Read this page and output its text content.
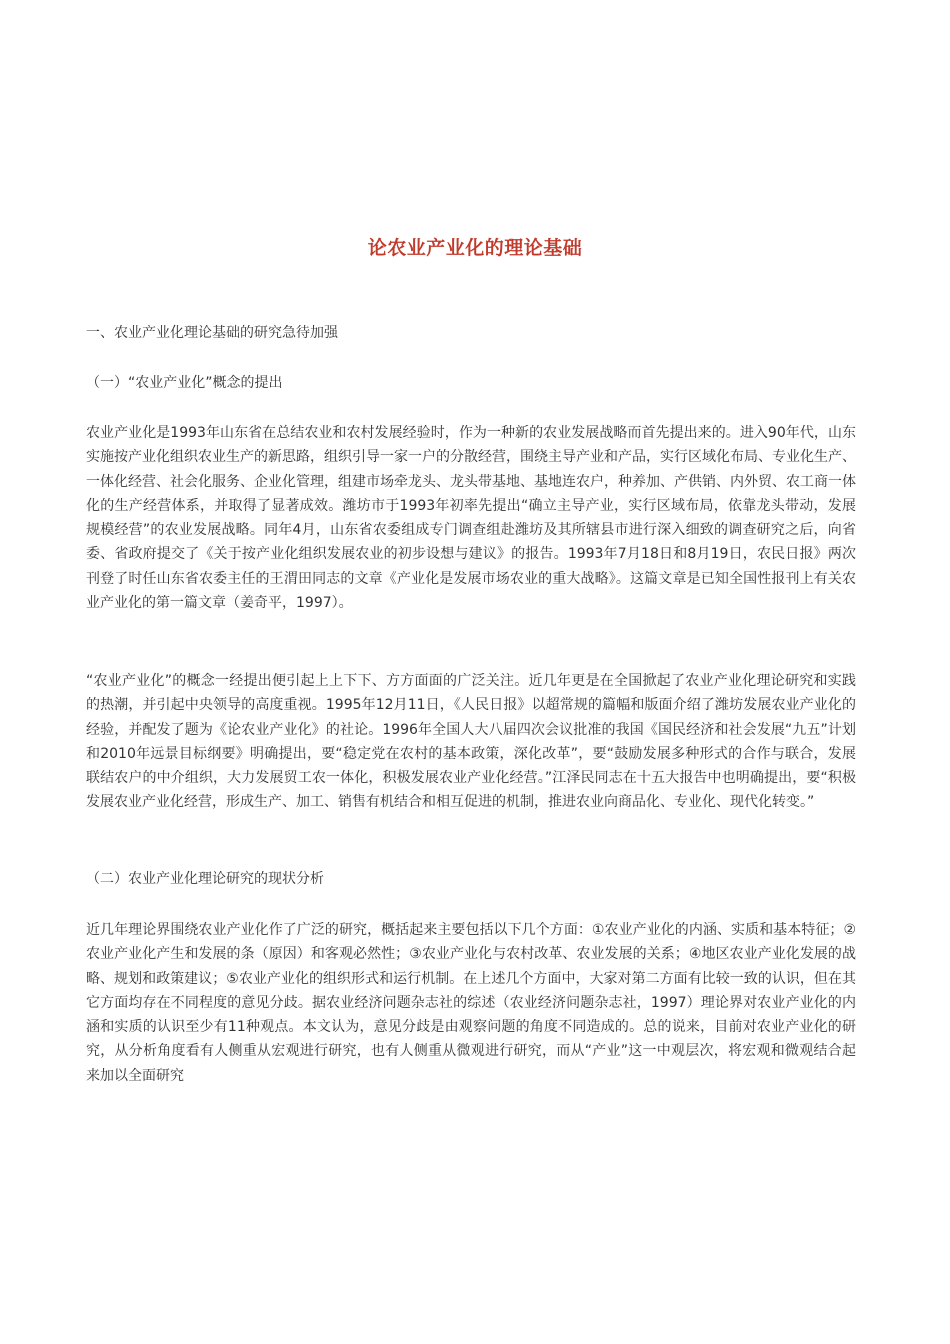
论农业产业化的理论基础
一、农业产业化理论基础的研究急待加强
（一）“农业产业化”概念的提出
农业产业化是1993年山东省在总结农业和农村发展经验时，作为一种新的农业发展战略而首先提出来的。进入90年代，山东实施按产业化组织农业生产的新思路，组织引导一家一户的分散经营，围绕主导产业和产品，实行区域化布局、专业化生产、一体化经营、社会化服务、企业化管理，组建市场牵龙头、龙头带基地、基地连农户，种养加、产供销、内外贸、农工商一体化的生产经营体系，并取得了显著成效。潍坊市于1993年初率先提出“确立主导产业，实行区域布局，依靠龙头带动，发展规模经营”的农业发展战略。同年4月，山东省农委组成专门调查组赴潍坊及其所辖县市进行深入细致的调查研究之后，向省委、省政府提交了《关于按产业化组织发展农业的初步设想与建议》的报告。1993年7月18日和8月19日，农民日报》两次刊登了时任山东省农委主任的王渭田同志的文章《产业化是发展市场农业的重大战略》。这篇文章是已知全国性报刊上有关农业产业化的第一篇文章（姜奇平，1997）。
“农业产业化”的概念一经提出便引起上上下下、方方面面的广泛关注。近几年更是在全国掀起了农业产业化理论研究和实践的热潮，并引起中央领导的高度重视。1995年12月11日，《人民日报》以超常规的篇幅和版面介绍了潍坊发展农业产业化的经验，并配发了题为《论农业产业化》的社论。1996年全国人大八届四次会议批准的我国《国民经济和社会发展“九五”计划和2010年远景目标纲要》明确提出，要“稳定党在农村的基本政策，深化改革”，要“鼓励发展多种形式的合作与联合，发展联结农户的中介组织，大力发展贸工农一体化，积极发展农业产业化经营。”江泽民同志在十五大报告中也明确提出，要“积极发展农业产业化经营，形成生产、加工、销售有机结合和相互促进的机制，推进农业向商品化、专业化、现代化转变。”
（二）农业产业化理论研究的现状分析
近几年理论界围绕农业产业化作了广泛的研究，概括起来主要包括以下几个方面：①农业产业化的内涵、实质和基本特征；②农业产业化产生和发展的条（原因）和客观必然性；③农业产业化与农村改革、农业发展的关系；④地区农业产业化发展的战略、规划和政策建议；⑤农业产业化的组织形式和运行机制。在上述几个方面中，大家对第二方面有比较一致的认识，但在其它方面均存在不同程度的意见分歧。据农业经济问题杂志社的综述（农业经济问题杂志社，1997）理论界对农业产业化的内涵和实质的认识至少有11种观点。本文认为，意见分歧是由观察问题的角度不同造成的。总的说来，目前对农业产业化的研究，从分析角度看有人侧重从宏观进行研究，也有人侧重从微观进行研究，而从“产业”这一中观层次，将宏观和微观结合起来加以全面研究
